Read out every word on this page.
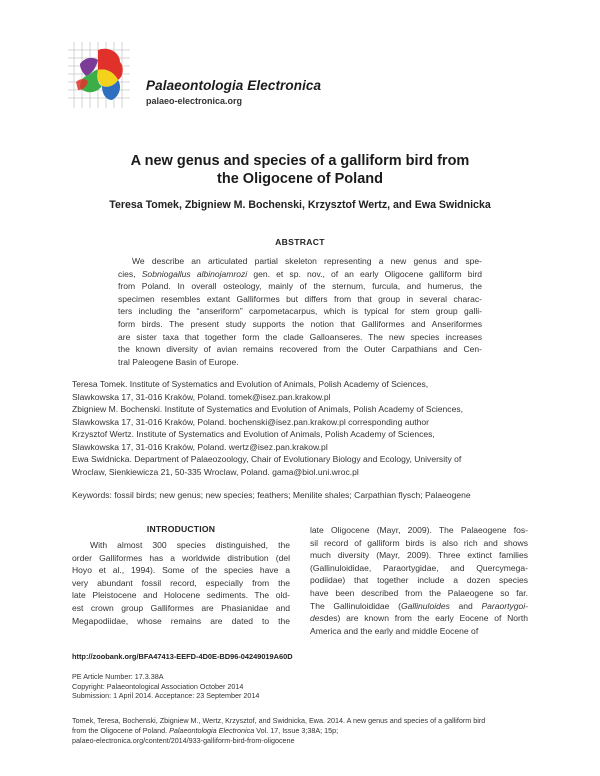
Palaeontologia Electronica
palaeo-electronica.org
A new genus and species of a galliform bird from
the Oligocene of Poland
Teresa Tomek, Zbigniew M. Bochenski, Krzysztof Wertz, and Ewa Swidnicka
ABSTRACT
We describe an articulated partial skeleton representing a new genus and spe-
cies, Sobniogallus albinojamrozi gen. et sp. nov., of an early Oligocene galliform bird
from Poland. In overall osteology, mainly of the sternum, furcula, and humerus, the
specimen resembles extant Galliformes but differs from that group in several charac-
ters including the “anseriform” carpometacarpus, which is typical for stem group galli-
form birds. The present study supports the notion that Galliformes and Anseriformes
are sister taxa that together form the clade Galloanseres. The new species increases
the known diversity of avian remains recovered from the Outer Carpathians and Cen-
tral Paleogene Basin of Europe.
Teresa Tomek. Institute of Systematics and Evolution of Animals, Polish Academy of Sciences,
Slawkowska 17, 31-016 Kraków, Poland. tomek@isez.pan.krakow.pl
Zbigniew M. Bochenski. Institute of Systematics and Evolution of Animals, Polish Academy of Sciences,
Slawkowska 17, 31-016 Kraków, Poland. bochenski@isez.pan.krakow.pl corresponding author
Krzysztof Wertz. Institute of Systematics and Evolution of Animals, Polish Academy of Sciences,
Slawkowska 17, 31-016 Kraków, Poland. wertz@isez.pan.krakow.pl
Ewa Swidnicka. Department of Palaeozoology, Chair of Evolutionary Biology and Ecology, University of
Wroclaw, Sienkiewicza 21, 50-335 Wroclaw, Poland. gama@biol.uni.wroc.pl
Keywords: fossil birds; new genus; new species; feathers; Menilite shales; Carpathian flysch; Palaeogene
INTRODUCTION
With almost 300 species distinguished, the
order Galliformes has a worldwide distribution (del
Hoyo et al., 1994). Some of the species have a
very abundant fossil record, especially from the
late Pleistocene and Holocene sediments. The old-
est crown group Galliformes are Phasianidae and
Megapodiidae, whose remains are dated to the
late Oligocene (Mayr, 2009). The Palaeogene fos-
sil record of galliform birds is also rich and shows
much diversity (Mayr, 2009). Three extinct families
(Gallinuloididae, Paraortygidae, and Quercymega-
podiidae) that together include a dozen species
have been described from the Palaeogene so far.
The Gallinuloididae (Gallinuloides and Paraortygoi-
desdes) are known from the early Eocene of North
America and the early and middle Eocene of
http://zoobank.org/BFA47413-EEFD-4D0E-BD96-04249019A60D
PE Article Number: 17.3.38A
Copyright: Palaeontological Association October 2014
Submission: 1 April 2014. Acceptance: 23 September 2014
Tomek, Teresa, Bochenski, Zbigniew M., Wertz, Krzysztof, and Swidnicka, Ewa. 2014. A new genus and species of a galliform bird
from the Oligocene of Poland. Palaeontologia Electronica Vol. 17, Issue 3;38A; 15p;
palaeo-electronica.org/content/2014/933-galliform-bird-from-oligocene
